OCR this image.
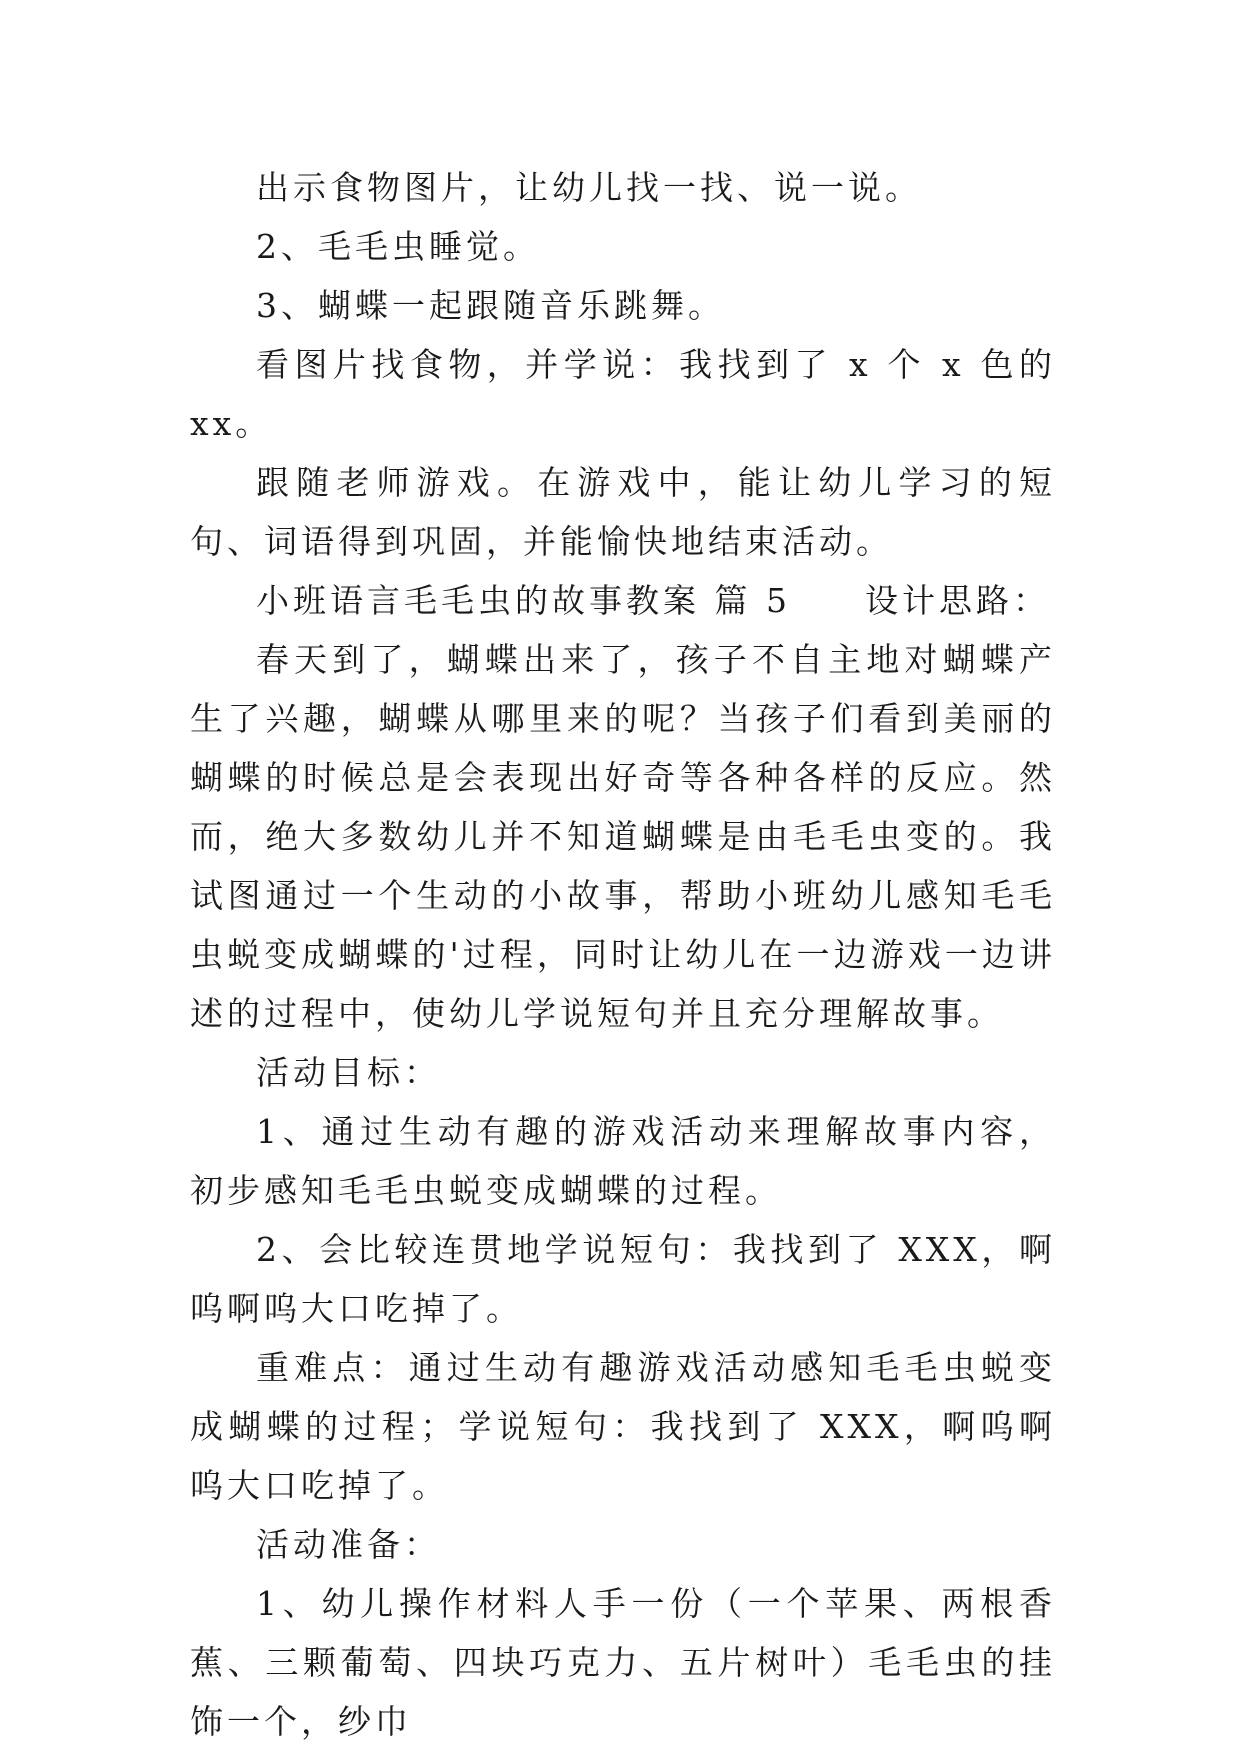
出示食物图片，让幼儿找一找、说一说。

2、毛毛虫睡觉。

3、蝴蝶一起跟随音乐跳舞。

看图片找食物，并学说：我找到了 x 个 x 色的 xx。

跟随老师游戏。在游戏中，能让幼儿学习的短句、词语得到巩固，并能愉快地结束活动。

小班语言毛毛虫的故事教案 篇 5　　设计思路：

春天到了，蝴蝶出来了，孩子不自主地对蝴蝶产生了兴趣，蝴蝶从哪里来的呢？当孩子们看到美丽的蝴蝶的时候总是会表现出好奇等各种各样的反应。然而，绝大多数幼儿并不知道蝴蝶是由毛毛虫变的。我试图通过一个生动的小故事，帮助小班幼儿感知毛毛虫蜕变成蝴蝶的'过程，同时让幼儿在一边游戏一边讲述的过程中，使幼儿学说短句并且充分理解故事。

活动目标：

1、通过生动有趣的游戏活动来理解故事内容，初步感知毛毛虫蜕变成蝴蝶的过程。

2、会比较连贯地学说短句：我找到了 XXX，啊呜啊呜大口吃掉了。

重难点：通过生动有趣游戏活动感知毛毛虫蜕变成蝴蝶的过程；学说短句：我找到了 XXX，啊呜啊呜大口吃掉了。

活动准备：

1、幼儿操作材料人手一份（一个苹果、两根香蕉、三颗葡萄、四块巧克力、五片树叶）毛毛虫的挂饰一个，纱巾
